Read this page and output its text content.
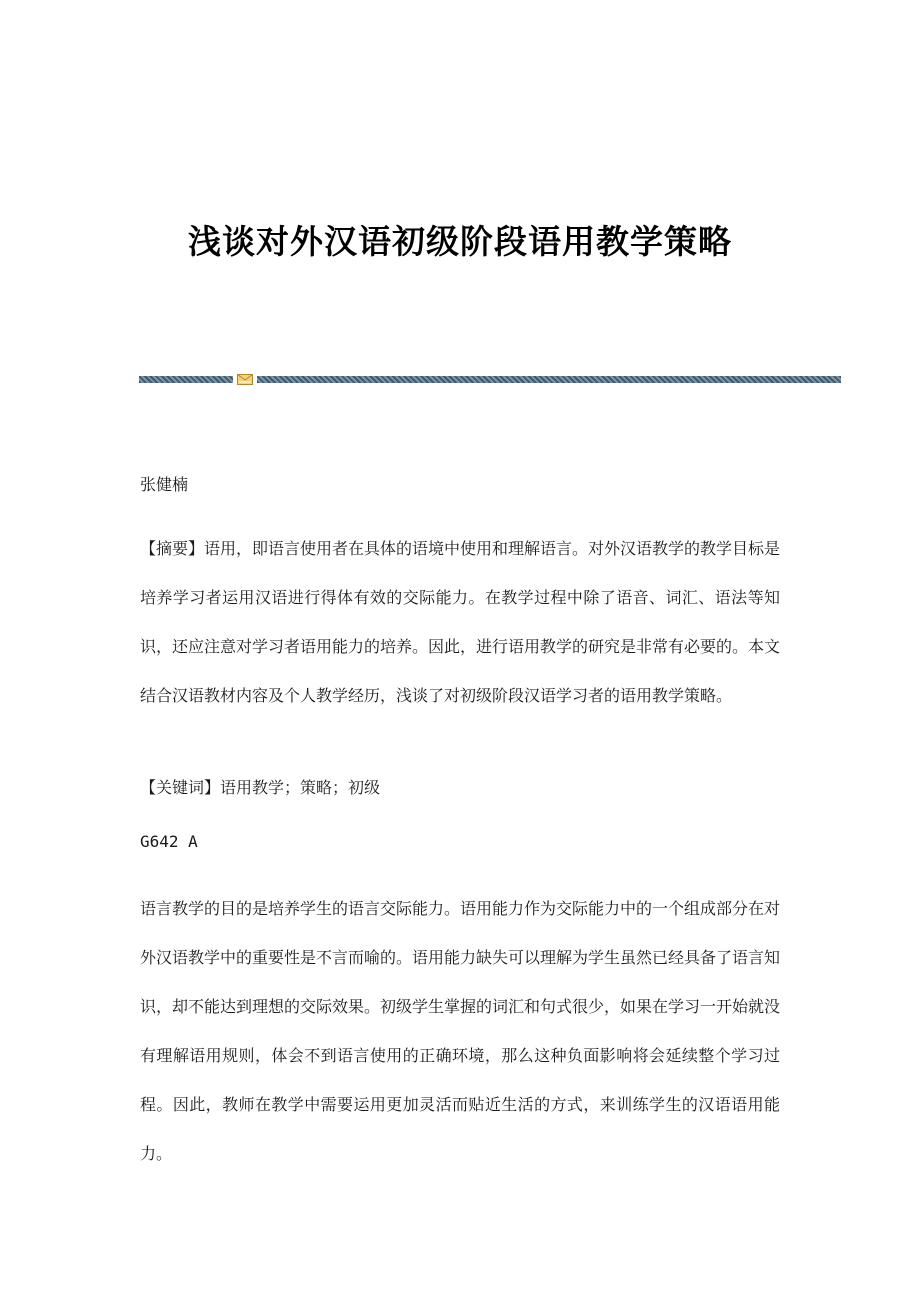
浅谈对外汉语初级阶段语用教学策略
张健楠

【摘要】语用，即语言使用者在具体的语境中使用和理解语言。对外汉语教学的教学目标是培养学习者运用汉语进行得体有效的交际能力。在教学过程中除了语音、词汇、语法等知识，还应注意对学习者语用能力的培养。因此，进行语用教学的研究是非常有必要的。本文结合汉语教材内容及个人教学经历，浅谈了对初级阶段汉语学习者的语用教学策略。

【关键词】语用教学；策略；初级
G642 A

语言教学的目的是培养学生的语言交际能力。语用能力作为交际能力中的一个组成部分在对外汉语教学中的重要性是不言而喻的。语用能力缺失可以理解为学生虽然已经具备了语言知识，却不能达到理想的交际效果。初级学生掌握的词汇和句式很少，如果在学习一开始就没有理解语用规则，体会不到语言使用的正确环境，那么这种负面影响将会延续整个学习过程。因此，教师在教学中需要运用更加灵活而贴近生活的方式，来训练学生的汉语语用能力。
